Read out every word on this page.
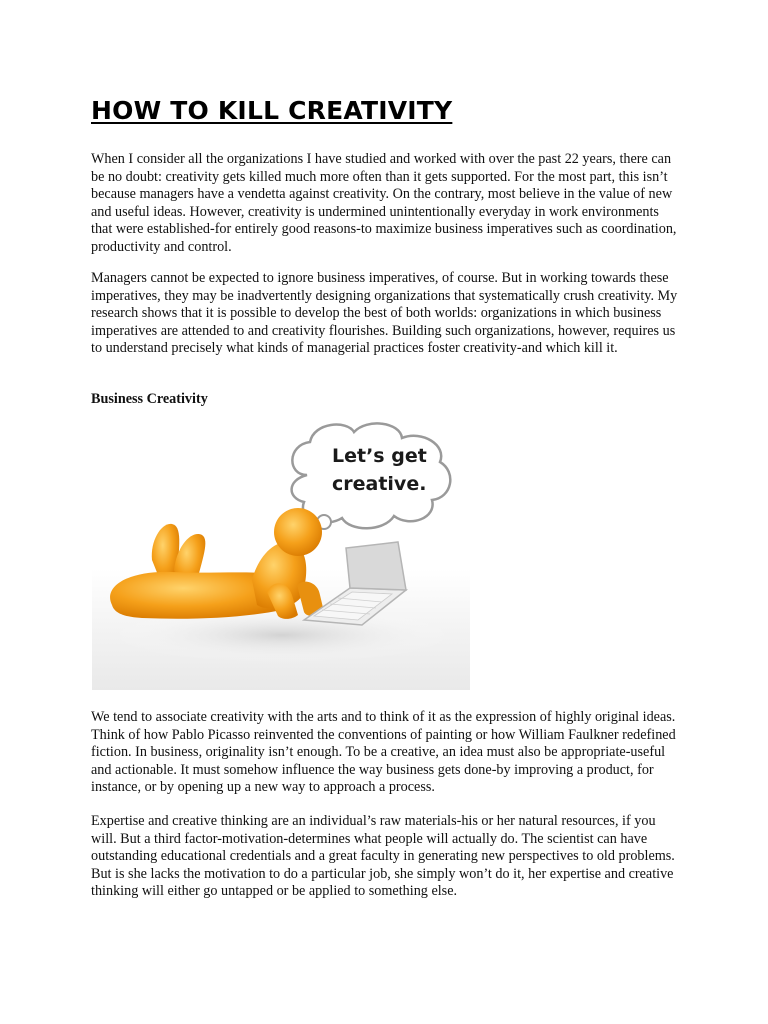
HOW TO KILL CREATIVITY

When I consider all the organizations I have studied and worked with over the past 22 years, there can be no doubt: creativity gets killed much more often than it gets supported. For the most part, this isn’t because managers have a vendetta against creativity. On the contrary, most believe in the value of new and useful ideas. However, creativity is undermined unintentionally everyday in work environments that were established-for entirely good reasons-to maximize business imperatives such as coordination, productivity and control.

Managers cannot be expected to ignore business imperatives, of course. But in working towards these imperatives, they may be inadvertently designing organizations that systematically crush creativity. My research shows that it is possible to develop the best of both worlds: organizations in which business imperatives are attended to and creativity flourishes. Building such organizations, however, requires us to understand precisely what kinds of managerial practices foster creativity-and which kill it.

Business Creativity
Let’s get
creative.

We tend to associate creativity with the arts and to think of it as the expression of highly original ideas. Think of how Pablo Picasso reinvented the conventions of painting or how William Faulkner redefined fiction. In business, originality isn’t enough. To be a creative, an idea must also be appropriate-useful and actionable. It must somehow influence the way business gets done-by improving a product, for instance, or by opening up a new way to approach a process.

Expertise and creative thinking are an individual’s raw materials-his or her natural resources, if you will. But a third factor-motivation-determines what people will actually do. The scientist can have outstanding educational credentials and a great faculty in generating new perspectives to old problems. But is she lacks the motivation to do a particular job, she simply won’t do it, her expertise and creative thinking will either go untapped or be applied to something else.
